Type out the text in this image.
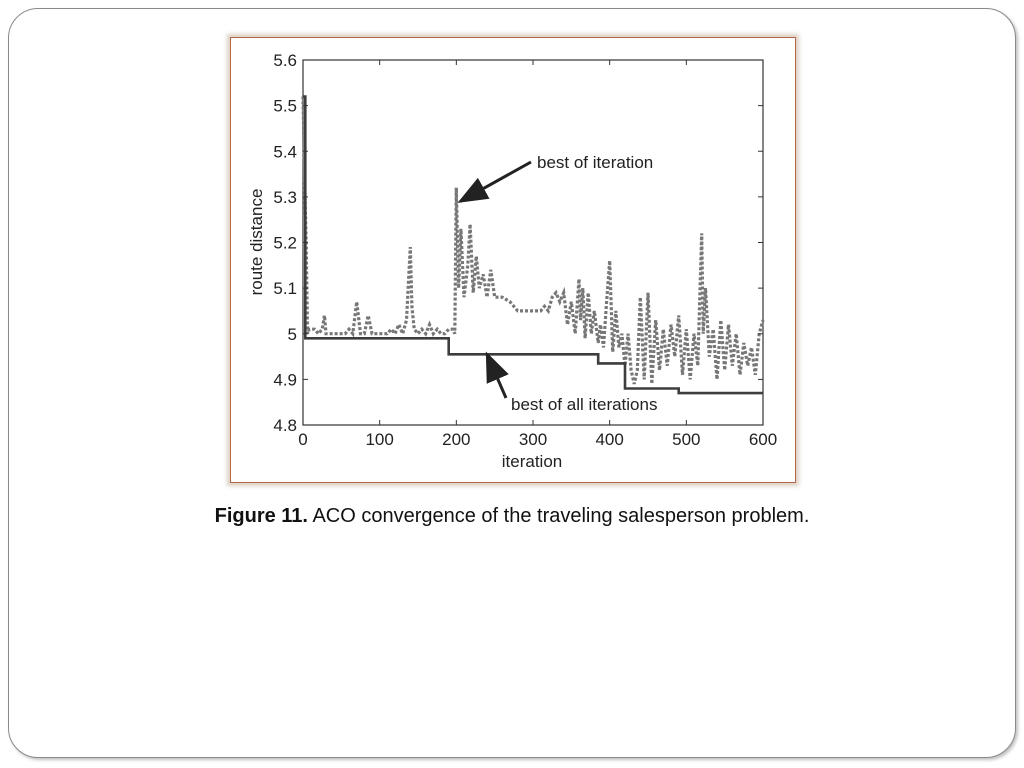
0	100	200	300	400	500	600
4.8
4.9
5
5.1
5.2
5.3
5.4
5.5
5.6
best of iteration
best of all iterations
iteration
route distance
Figure 11. ACO convergence of the traveling salesperson problem.
